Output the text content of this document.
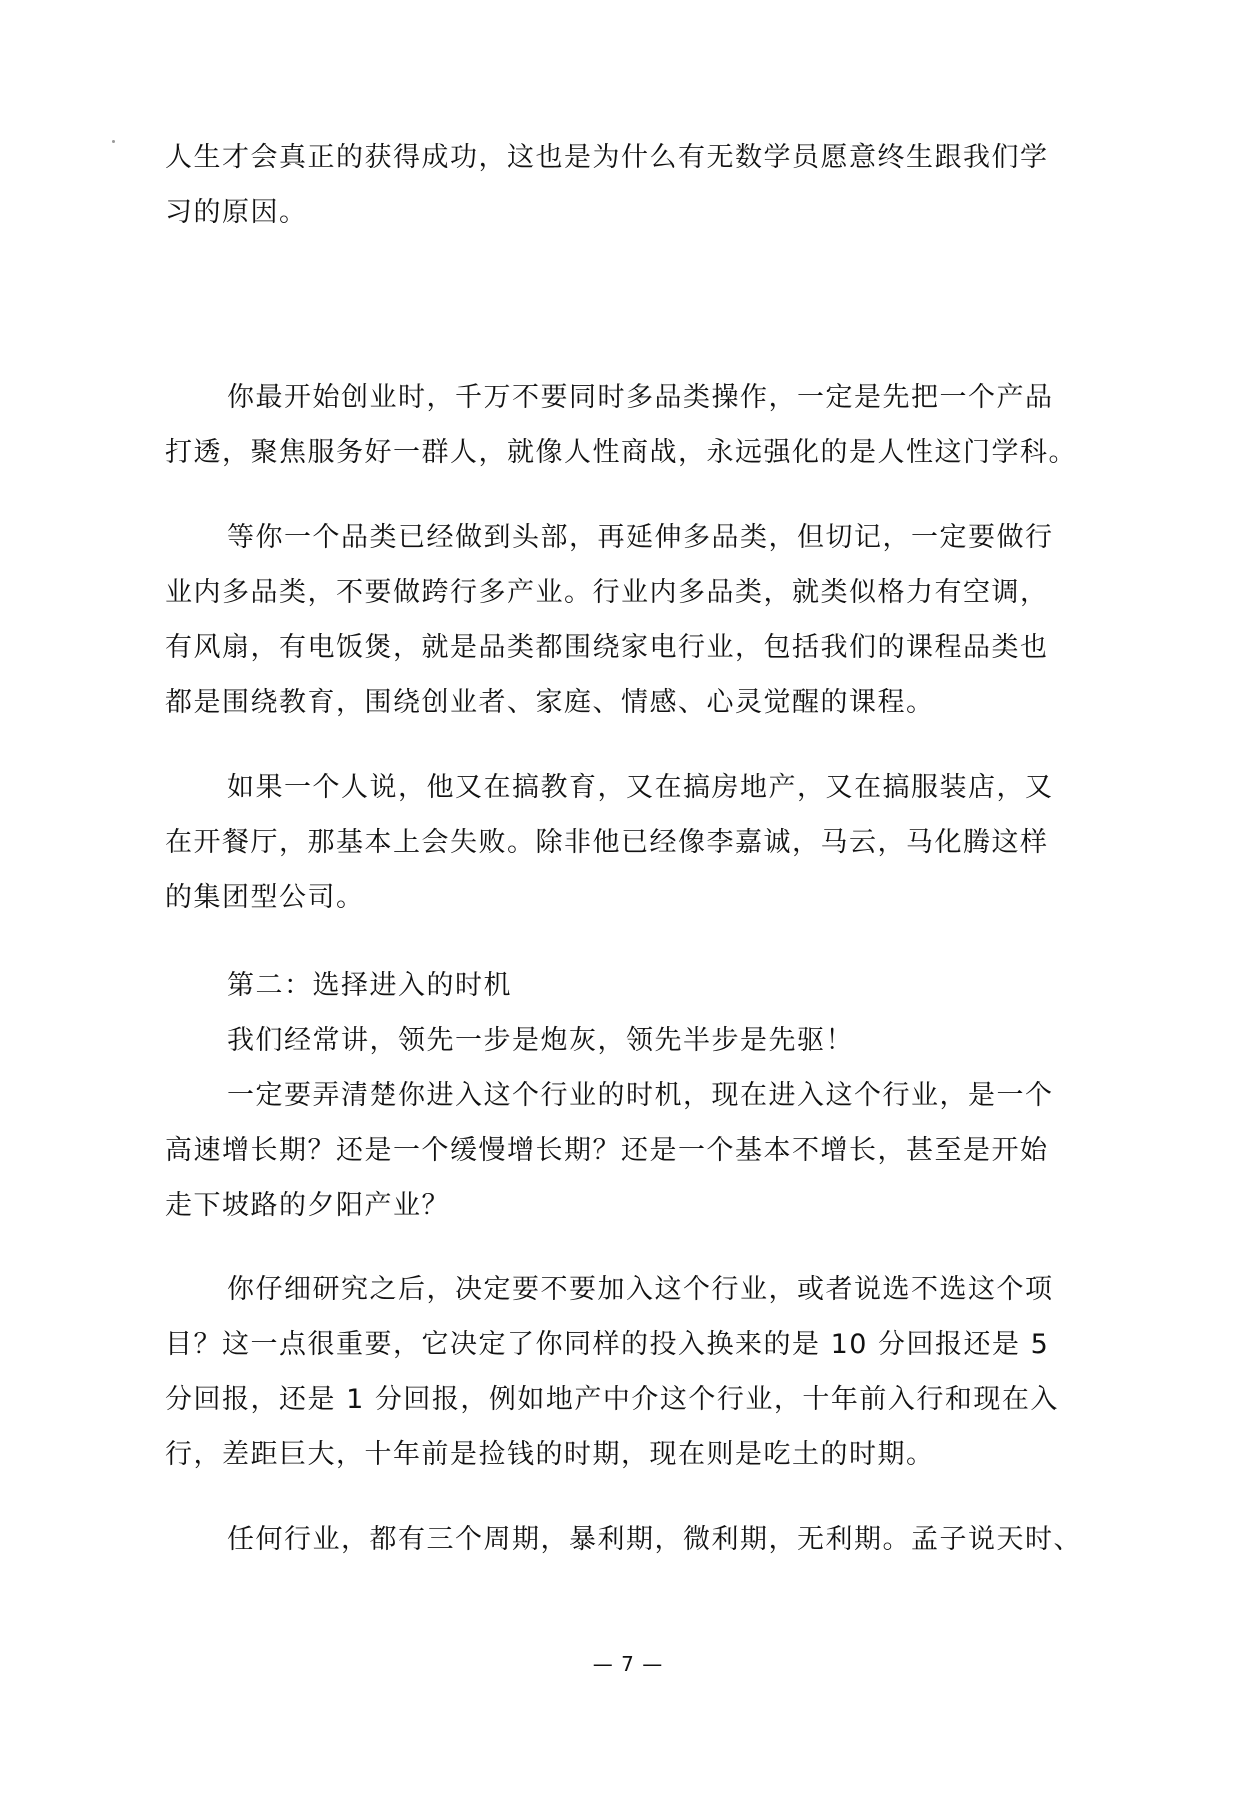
人生才会真正的获得成功，这也是为什么有无数学员愿意终生跟我们学
习的原因。

你最开始创业时，千万不要同时多品类操作，一定是先把一个产品
打透，聚焦服务好一群人，就像人性商战，永远强化的是人性这门学科。

等你一个品类已经做到头部，再延伸多品类，但切记，一定要做行
业内多品类，不要做跨行多产业。行业内多品类，就类似格力有空调，
有风扇，有电饭煲，就是品类都围绕家电行业，包括我们的课程品类也
都是围绕教育，围绕创业者、家庭、情感、心灵觉醒的课程。

如果一个人说，他又在搞教育，又在搞房地产，又在搞服装店，又
在开餐厅，那基本上会失败。除非他已经像李嘉诚，马云，马化腾这样
的集团型公司。

第二：选择进入的时机
我们经常讲，领先一步是炮灰，领先半步是先驱！
一定要弄清楚你进入这个行业的时机，现在进入这个行业，是一个
高速增长期？还是一个缓慢增长期？还是一个基本不增长，甚至是开始
走下坡路的夕阳产业？

你仔细研究之后，决定要不要加入这个行业，或者说选不选这个项
目？这一点很重要，它决定了你同样的投入换来的是 10 分回报还是 5
分回报，还是 1 分回报，例如地产中介这个行业，十年前入行和现在入
行，差距巨大，十年前是捡钱的时期，现在则是吃土的时期。

任何行业，都有三个周期，暴利期，微利期，无利期。孟子说天时、

— 7 —
